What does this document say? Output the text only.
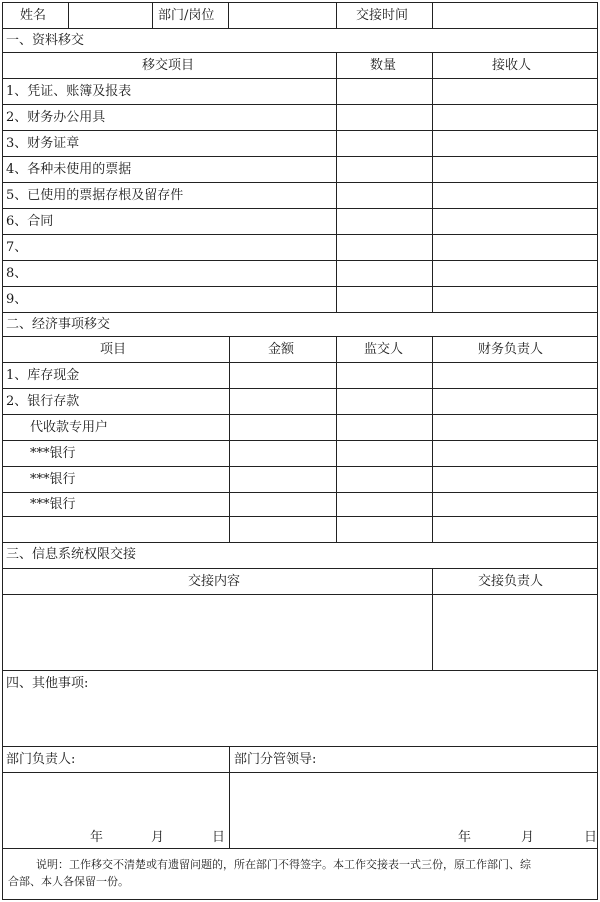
姓名	部门/岗位	交接时间
一、资料移交
移交项目	数量	接收人
1、凭证、账簿及报表
2、财务办公用具
3、财务证章
4、各种未使用的票据
5、已使用的票据存根及留存件
6、合同
7、
8、
9、
二、经济事项移交
项目	金额	监交人	财务负责人
1、库存现金
2、银行存款
代收款专用户
***银行
***银行
***银行
三、信息系统权限交接
交接内容	交接负责人
四、其他事项:
部门负责人:	部门分管领导:
年	月	日	年	月	日
说明：工作移交不清楚或有遗留问题的，所在部门不得签字。本工作交接表一式三份，原工作部门、综
合部、本人各保留一份。
